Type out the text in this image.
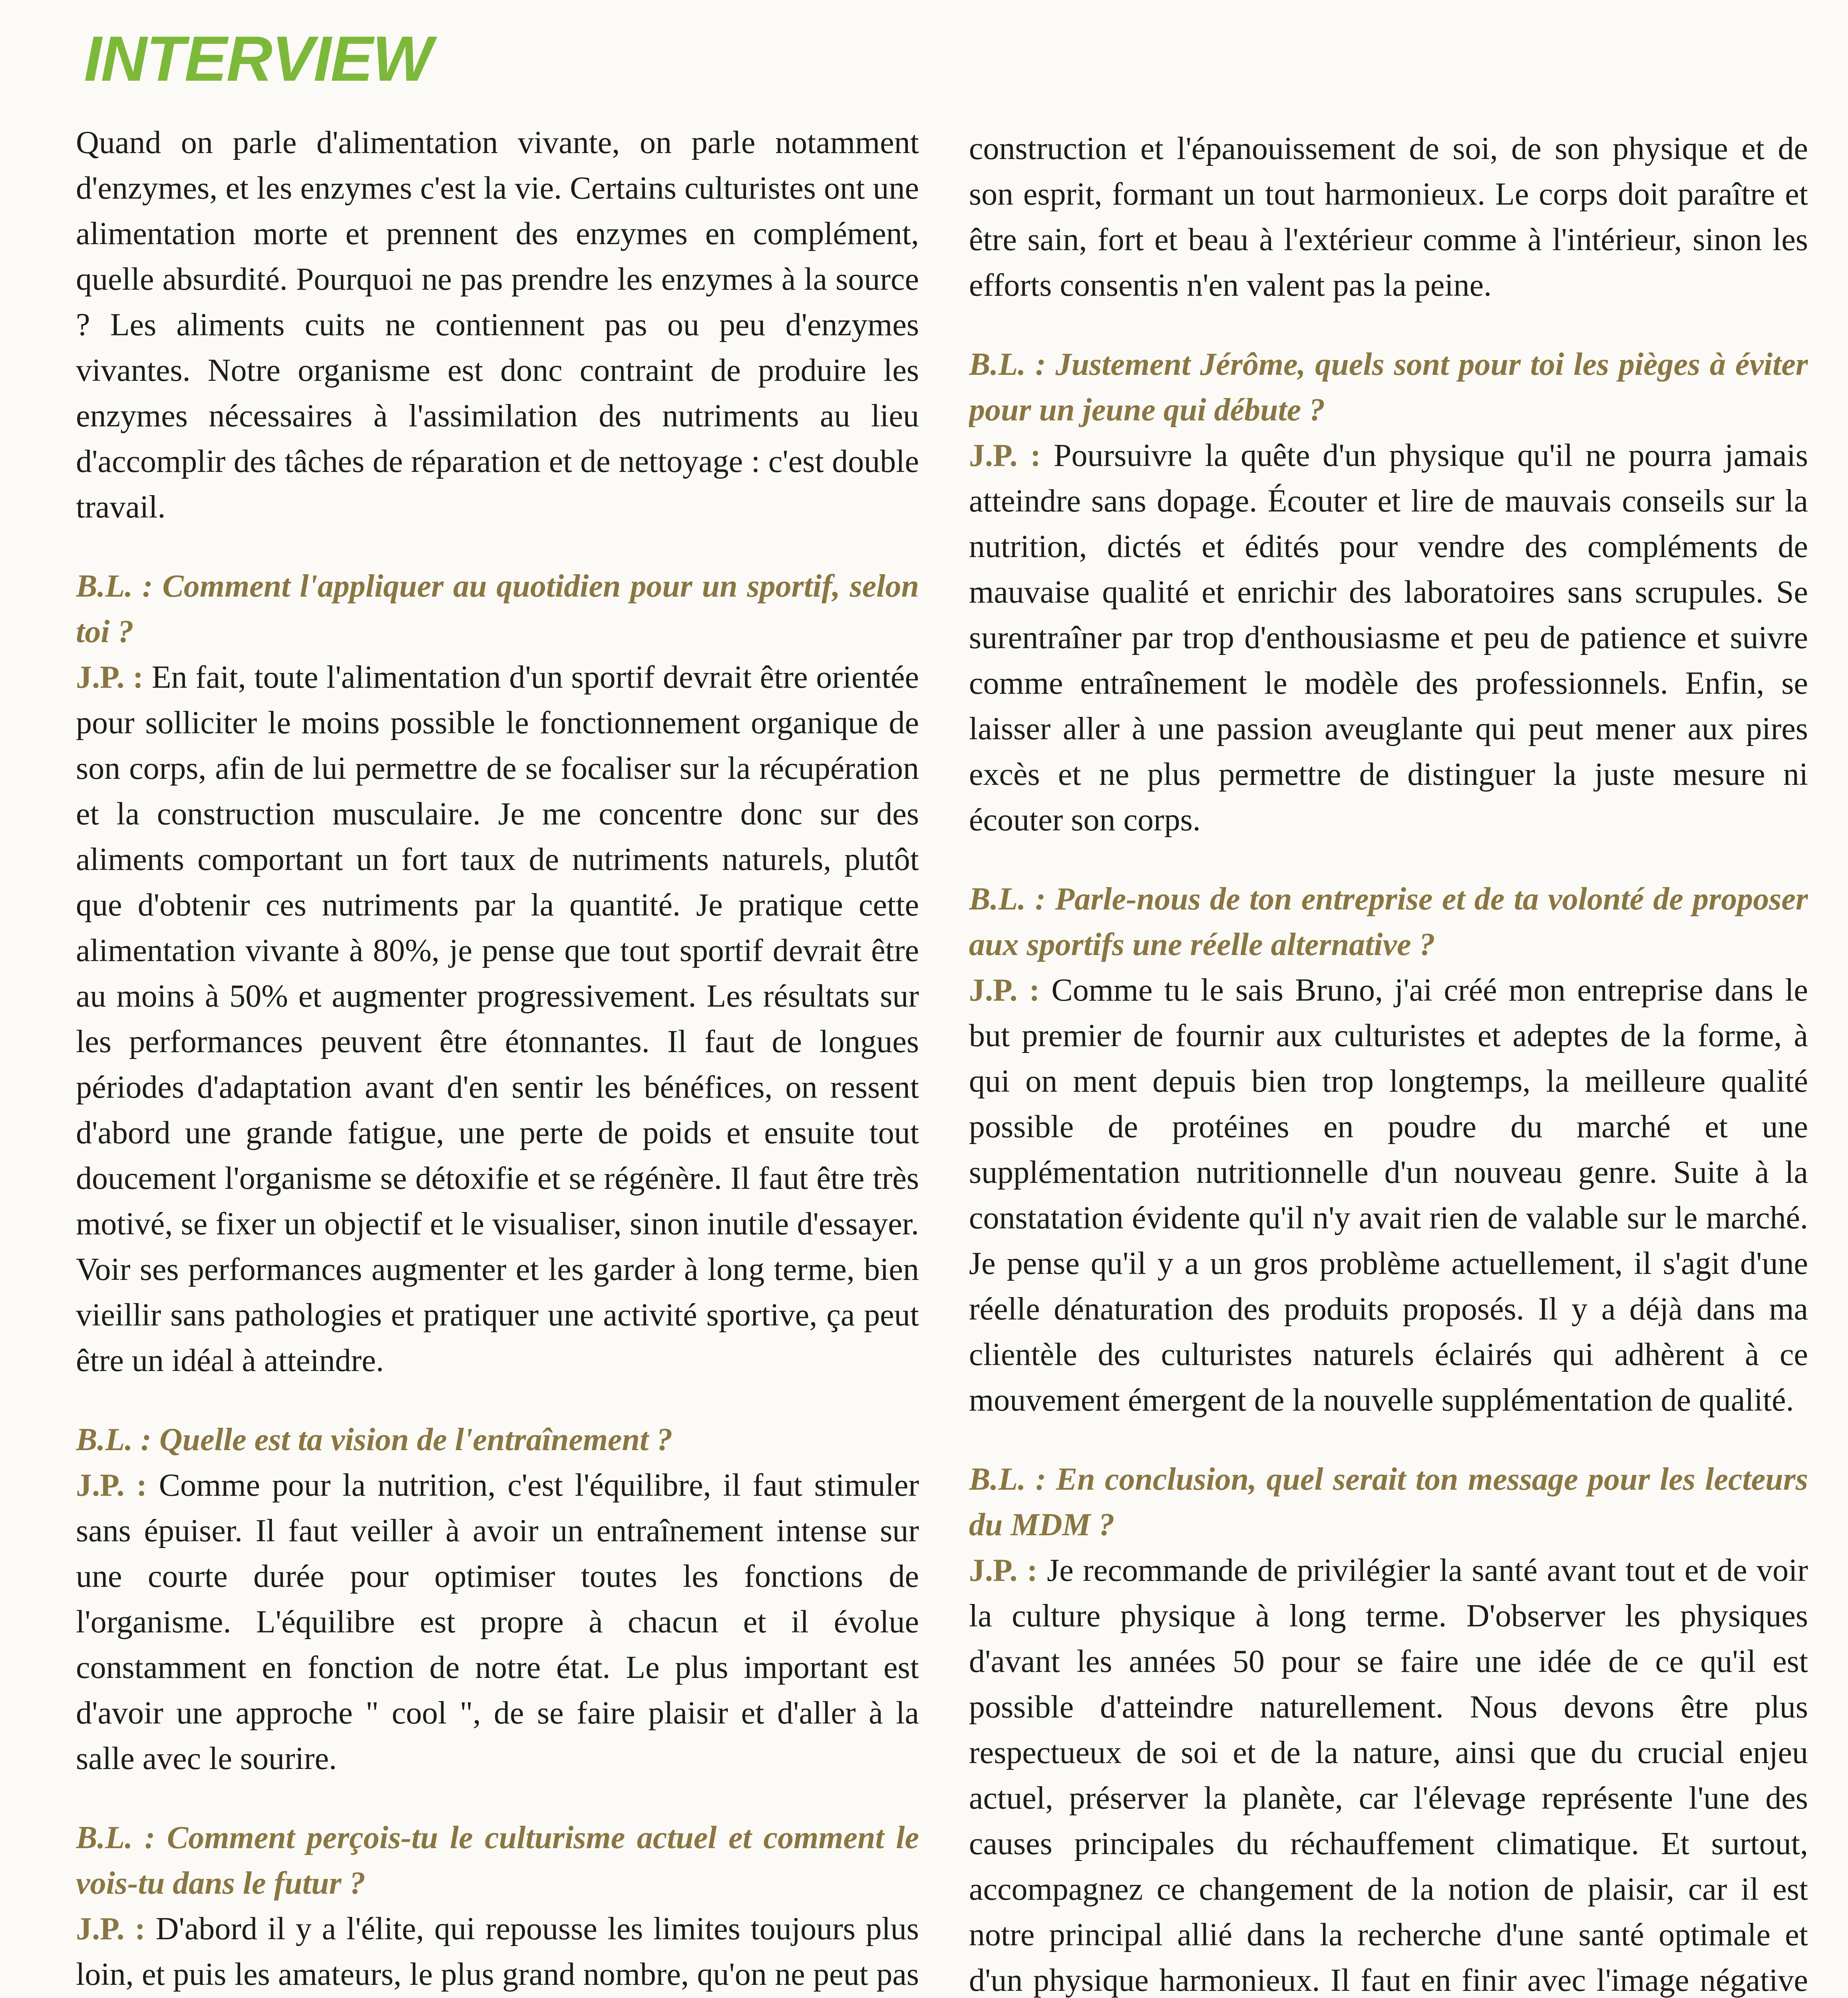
INTERVIEW

Quand on parle d'alimentation vivante, on parle notamment d'enzymes, et les enzymes c'est la vie. Certains culturistes ont une alimentation morte et prennent des enzymes en complément, quelle absurdité. Pourquoi ne pas prendre les enzymes à la source ? Les aliments cuits ne contiennent pas ou peu d'enzymes vivantes. Notre organisme est donc contraint de produire les enzymes nécessaires à l'assimilation des nutriments au lieu d'accomplir des tâches de réparation et de nettoyage : c'est double travail.

B.L. : Comment l'appliquer au quotidien pour un sportif, selon toi ?

J.P. : En fait, toute l'alimentation d'un sportif devrait être orientée pour solliciter le moins possible le fonctionnement organique de son corps, afin de lui permettre de se focaliser sur la récupération et la construction musculaire. Je me concentre donc sur des aliments comportant un fort taux de nutriments naturels, plutôt que d'obtenir ces nutriments par la quantité. Je pratique cette alimentation vivante à 80%, je pense que tout sportif devrait être au moins à 50% et augmenter progressivement. Les résultats sur les performances peuvent être étonnantes. Il faut de longues périodes d'adaptation avant d'en sentir les bénéfices, on ressent d'abord une grande fatigue, une perte de poids et ensuite tout doucement l'organisme se détoxifie et se régénère. Il faut être très motivé, se fixer un objectif et le visualiser, sinon inutile d'essayer. Voir ses performances augmenter et les garder à long terme, bien vieillir sans pathologies et pratiquer une activité sportive, ça peut être un idéal à atteindre.

B.L. : Quelle est ta vision de l'entraînement ?

J.P. : Comme pour la nutrition, c'est l'équilibre, il faut stimuler sans épuiser. Il faut veiller à avoir un entraînement intense sur une courte durée pour optimiser toutes les fonctions de l'organisme. L'équilibre est propre à chacun et il évolue constamment en fonction de notre état. Le plus important est d'avoir une approche " cool ", de se faire plaisir et d'aller à la salle avec le sourire.

B.L. : Comment perçois-tu le culturisme actuel et comment le vois-tu dans le futur ?

J.P. : D'abord il y a l'élite, qui repousse les limites toujours plus loin, et puis les amateurs, le plus grand nombre, qu'on ne peut pas

construction et l'épanouissement de soi, de son physique et de son esprit, formant un tout harmonieux. Le corps doit paraître et être sain, fort et beau à l'extérieur comme à l'intérieur, sinon les efforts consentis n'en valent pas la peine.

B.L. : Justement Jérôme, quels sont pour toi les pièges à éviter pour un jeune qui débute ?

J.P. : Poursuivre la quête d'un physique qu'il ne pourra jamais atteindre sans dopage. Écouter et lire de mauvais conseils sur la nutrition, dictés et édités pour vendre des compléments de mauvaise qualité et enrichir des laboratoires sans scrupules. Se surentraîner par trop d'enthousiasme et peu de patience et suivre comme entraînement le modèle des professionnels. Enfin, se laisser aller à une passion aveuglante qui peut mener aux pires excès et ne plus permettre de distinguer la juste mesure ni écouter son corps.

B.L. : Parle-nous de ton entreprise et de ta volonté de proposer aux sportifs une réelle alternative ?

J.P. : Comme tu le sais Bruno, j'ai créé mon entreprise dans le but premier de fournir aux culturistes et adeptes de la forme, à qui on ment depuis bien trop longtemps, la meilleure qualité possible de protéines en poudre du marché et une supplémentation nutritionnelle d'un nouveau genre. Suite à la constatation évidente qu'il n'y avait rien de valable sur le marché. Je pense qu'il y a un gros problème actuellement, il s'agit d'une réelle dénaturation des produits proposés. Il y a déjà dans ma clientèle des culturistes naturels éclairés qui adhèrent à ce mouvement émergent de la nouvelle supplémentation de qualité.

B.L. : En conclusion, quel serait ton message pour les lecteurs du MDM ?

J.P. : Je recommande de privilégier la santé avant tout et de voir la culture physique à long terme. D'observer les physiques d'avant les années 50 pour se faire une idée de ce qu'il est possible d'atteindre naturellement. Nous devons être plus respectueux de soi et de la nature, ainsi que du crucial enjeu actuel, préserver la planète, car l'élevage représente l'une des causes principales du réchauffement climatique. Et surtout, accompagnez ce changement de la notion de plaisir, car il est notre principal allié dans la recherche d'une santé optimale et d'un physique harmonieux. Il faut en finir avec l'image négative
